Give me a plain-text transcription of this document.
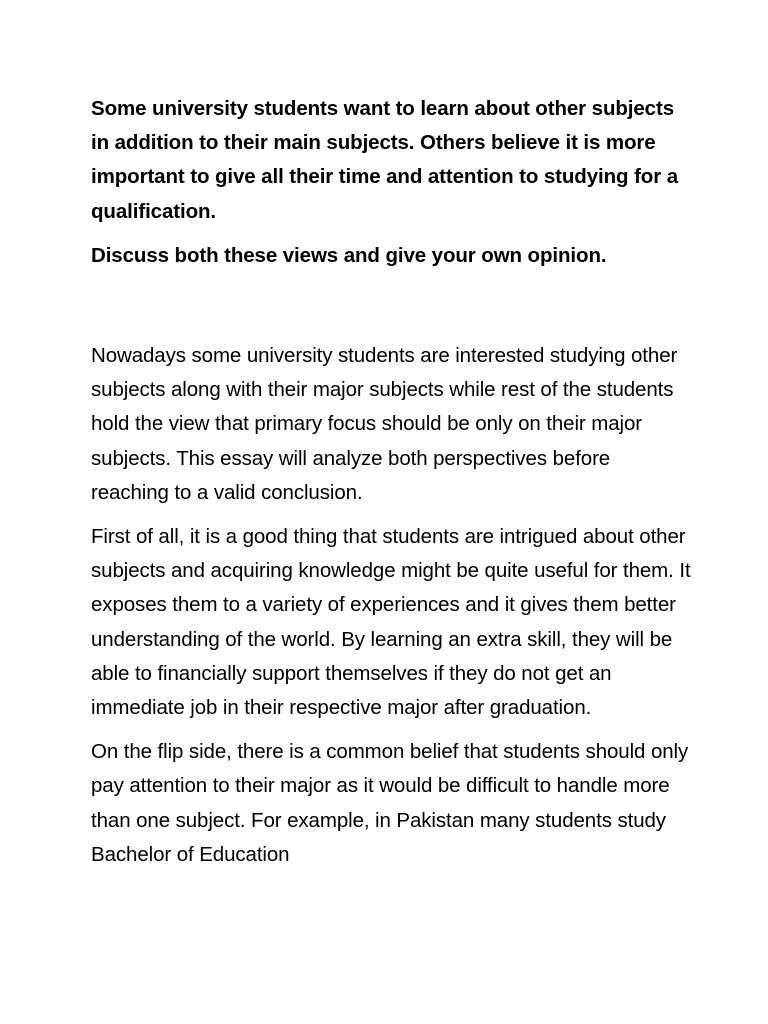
Some university students want to learn about other subjects in addition to their main subjects. Others believe it is more important to give all their time and attention to studying for a qualification.

Discuss both these views and give your own opinion.

Nowadays some university students are interested studying other subjects along with their major subjects while rest of the students hold the view that primary focus should be only on their major subjects. This essay will analyze both perspectives before reaching to a valid conclusion.

First of all, it is a good thing that students are intrigued about other subjects and acquiring knowledge might be quite useful for them. It exposes them to a variety of experiences and it gives them better understanding of the world. By learning an extra skill, they will be able to financially support themselves if they do not get an immediate job in their respective major after graduation.

On the flip side, there is a common belief that students should only pay attention to their major as it would be difficult to handle more than one subject. For example, in Pakistan many students study Bachelor of Education
